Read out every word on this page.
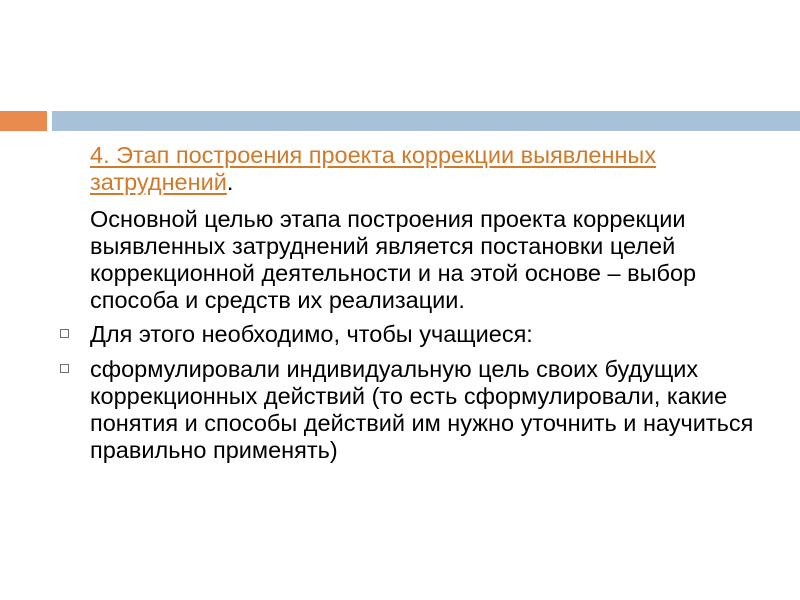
4. Этап построения проекта коррекции выявленных затруднений.

Основной целью этапа построения проекта коррекции выявленных затруднений является постановки целей коррекционной деятельности и на этой основе – выбор способа и средств их реализации.

Для этого необходимо, чтобы учащиеся:
сформулировали индивидуальную цель своих будущих коррекционных действий (то есть сформулировали, какие понятия и способы действий им нужно уточнить и научиться правильно применять)
